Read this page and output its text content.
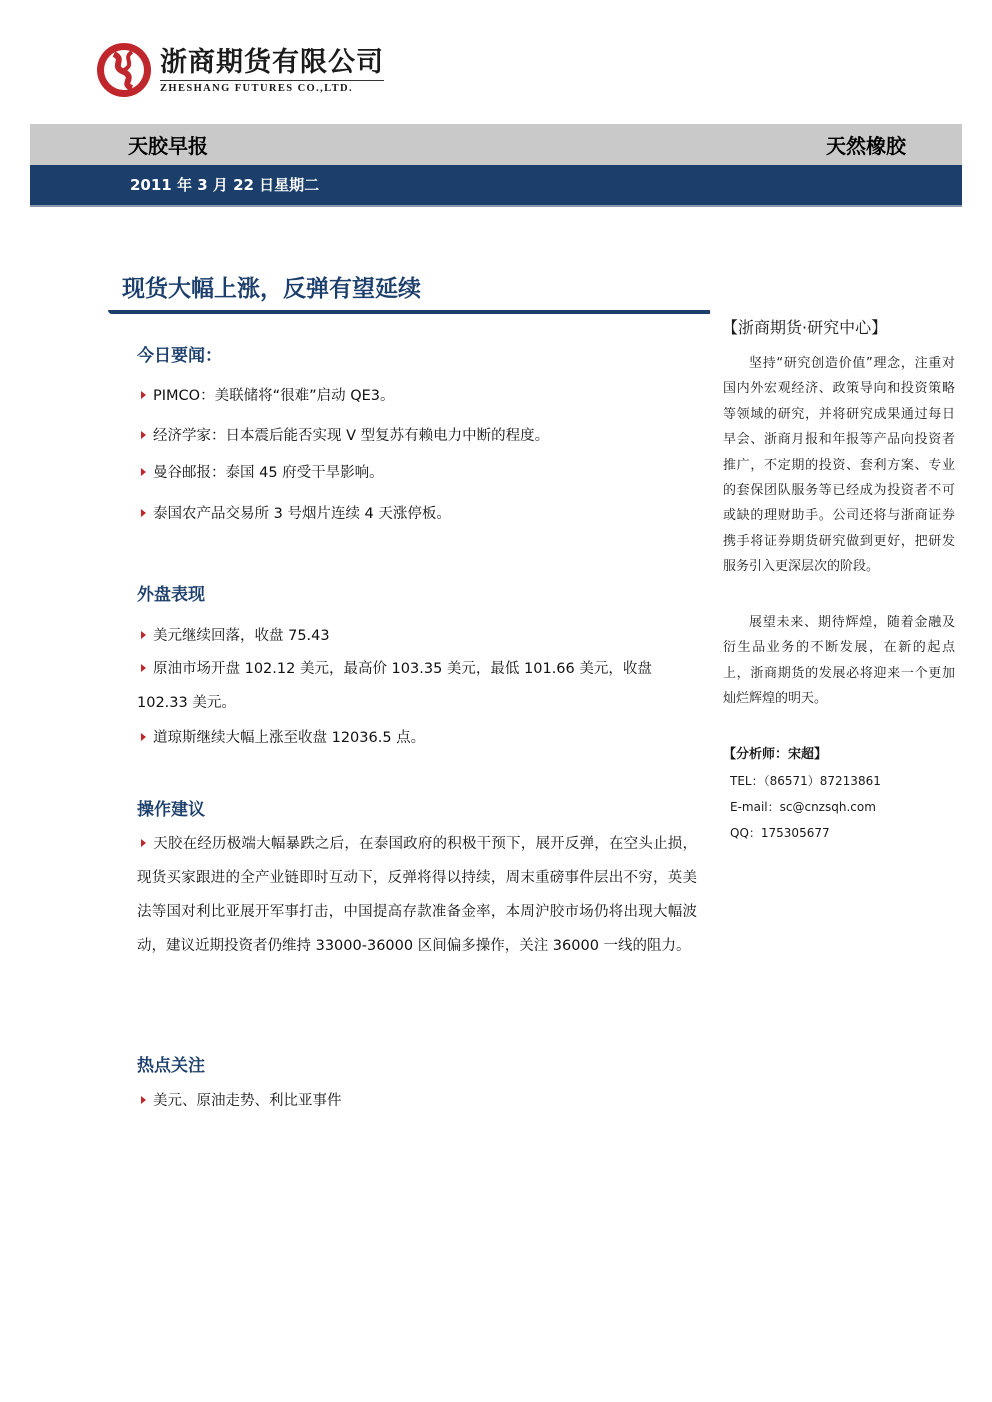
浙商期货有限公司
ZHESHANG FUTURES CO.,LTD.
天胶早报	天然橡胶
2011 年 3 月 22 日星期二
现货大幅上涨，反弹有望延续
今日要闻：
PIMCO：美联储将“很难”启动 QE3。
经济学家：日本震后能否实现 V 型复苏有赖电力中断的程度。
曼谷邮报：泰国 45 府受干旱影响。
泰国农产品交易所 3 号烟片连续 4 天涨停板。
外盘表现
美元继续回落，收盘 75.43
原油市场开盘 102.12 美元，最高价 103.35 美元，最低 101.66 美元，收盘 102.33 美元。
道琼斯继续大幅上涨至收盘 12036.5 点。
操作建议
天胶在经历极端大幅暴跌之后，在泰国政府的积极干预下，展开反弹，在空头止损，现货买家跟进的全产业链即时互动下，反弹将得以持续，周末重磅事件层出不穷，英美法等国对利比亚展开军事打击，中国提高存款准备金率，本周沪胶市场仍将出现大幅波动，建议近期投资者仍维持 33000-36000 区间偏多操作，关注 36000 一线的阻力。
热点关注
美元、原油走势、利比亚事件
【浙商期货·研究中心】
坚持“研究创造价值”理念，注重对国内外宏观经济、政策导向和投资策略等领域的研究，并将研究成果通过每日早会、浙商月报和年报等产品向投资者推广，不定期的投资、套利方案、专业的套保团队服务等已经成为投资者不可或缺的理财助手。公司还将与浙商证券携手将证券期货研究做到更好，把研发服务引入更深层次的阶段。
展望未来、期待辉煌，随着金融及衍生品业务的不断发展，在新的起点上，浙商期货的发展必将迎来一个更加灿烂辉煌的明天。
【分析师：宋超】
TEL：（86571）87213861
E-mail：sc@cnzsqh.com
QQ：175305677
